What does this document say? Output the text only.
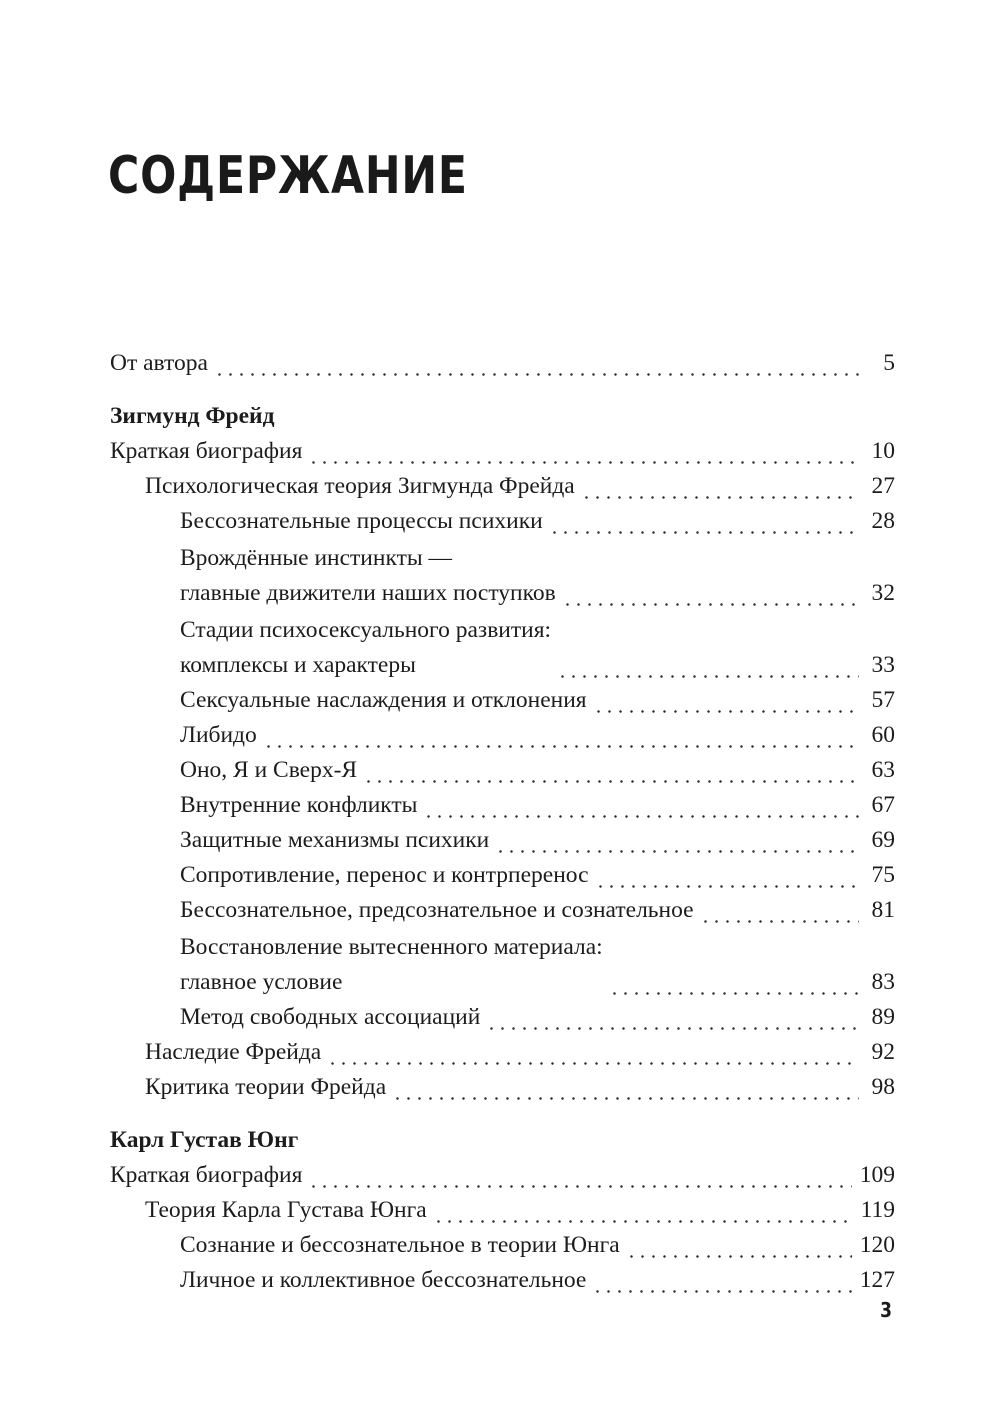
СОДЕРЖАНИЕ
От автора	5
Зигмунд Фрейд
Краткая биография	10
Психологическая теория Зигмунда Фрейда	27
Бессознательные процессы психики	28
Врождённые инстинкты —
главные движители наших поступков	32
Стадии психосексуального развития:
комплексы и характеры	33
Сексуальные наслаждения и отклонения	57
Либидо	60
Оно, Я и Сверх-Я	63
Внутренние конфликты	67
Защитные механизмы психики	69
Сопротивление, перенос и контрперенос	75
Бессознательное, предсознательное и сознательное	81
Восстановление вытесненного материала:
главное условие	83
Метод свободных ассоциаций	89
Наследие Фрейда	92
Критика теории Фрейда	98
Карл Густав Юнг
Краткая биография	109
Теория Карла Густава Юнга	119
Сознание и бессознательное в теории Юнга	120
Личное и коллективное бессознательное	127
3
